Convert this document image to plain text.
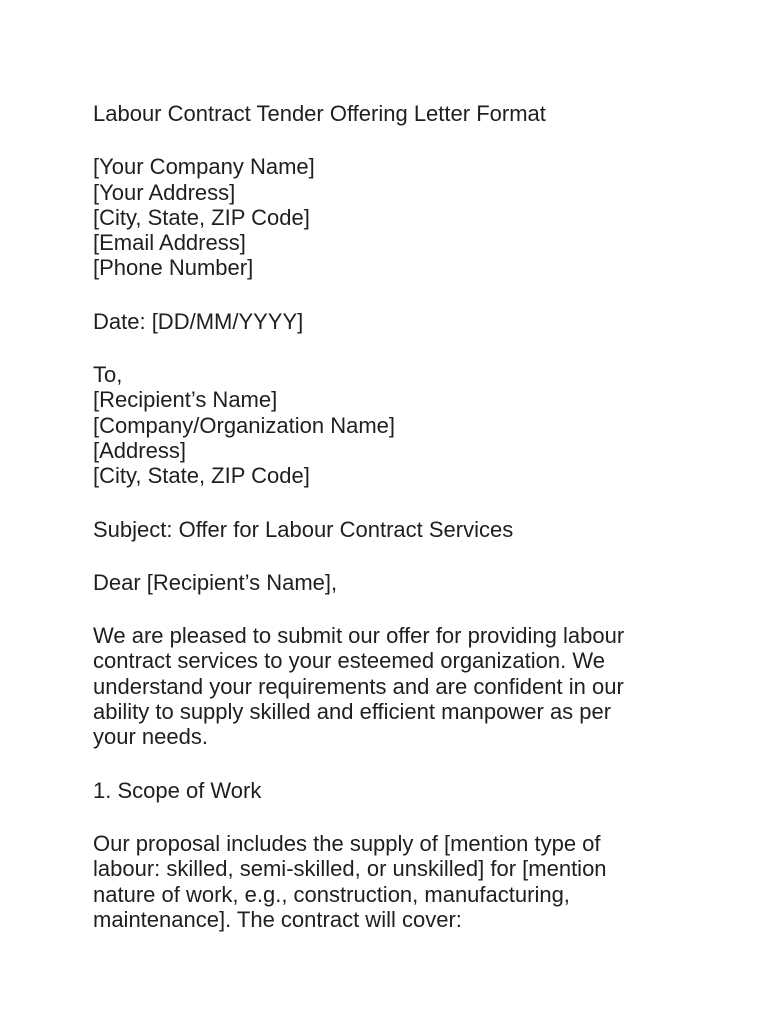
Labour Contract Tender Offering Letter Format
[Your Company Name]
[Your Address]
[City, State, ZIP Code]
[Email Address]
[Phone Number]
Date: [DD/MM/YYYY]
To,
[Recipient’s Name]
[Company/Organization Name]
[Address]
[City, State, ZIP Code]
Subject: Offer for Labour Contract Services
Dear [Recipient’s Name],

We are pleased to submit our offer for providing labour
contract services to your esteemed organization. We
understand your requirements and are confident in our
ability to supply skilled and efficient manpower as per
your needs.

1. Scope of Work

Our proposal includes the supply of [mention type of
labour: skilled, semi-skilled, or unskilled] for [mention
nature of work, e.g., construction, manufacturing,
maintenance]. The contract will cover:
